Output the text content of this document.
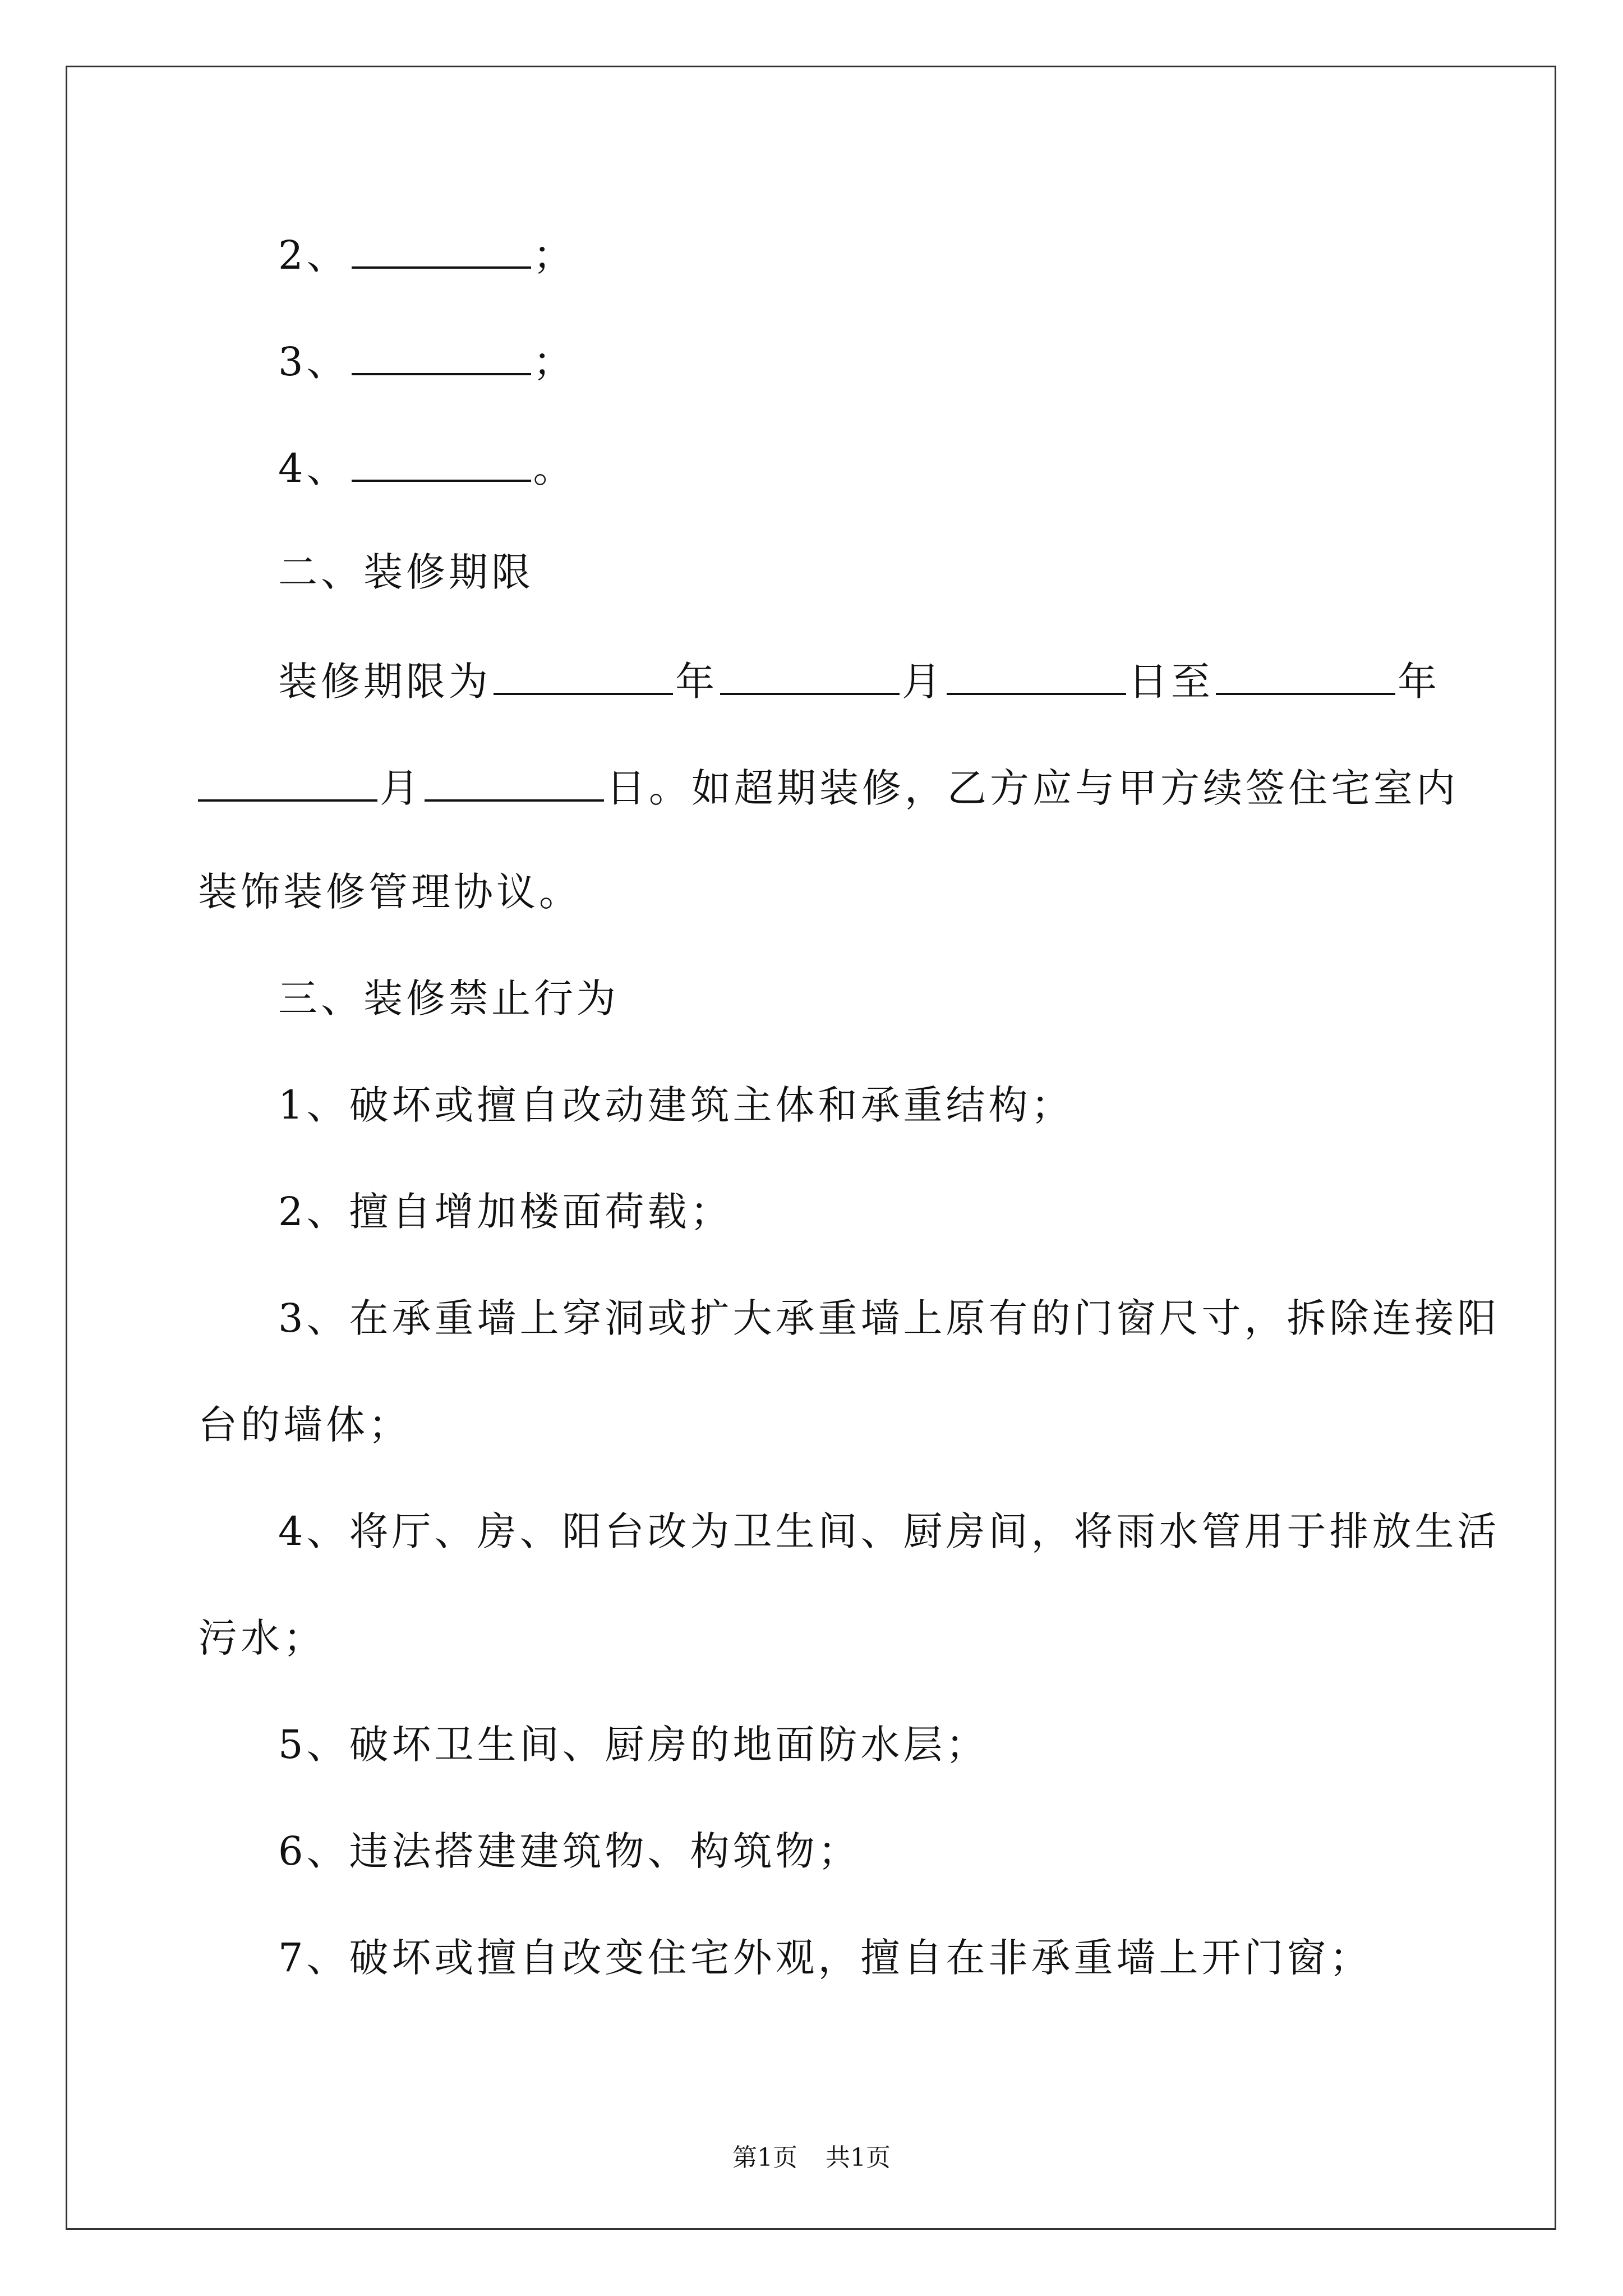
2、	；
3、	；
4、	。
二、装修期限
装修期限为	年	月	日至	年
月	日。如超期装修，乙方应与甲方续签住宅室内
装饰装修管理协议。
三、装修禁止行为
1、破坏或擅自改动建筑主体和承重结构；
2、擅自增加楼面荷载；
3、在承重墙上穿洞或扩大承重墙上原有的门窗尺寸，拆除连接阳
台的墙体；
4、将厅、房、阳台改为卫生间、厨房间，将雨水管用于排放生活
污水；
5、破坏卫生间、厨房的地面防水层；
6、违法搭建建筑物、构筑物；
7、破坏或擅自改变住宅外观，擅自在非承重墙上开门窗；
第1页 共1页
